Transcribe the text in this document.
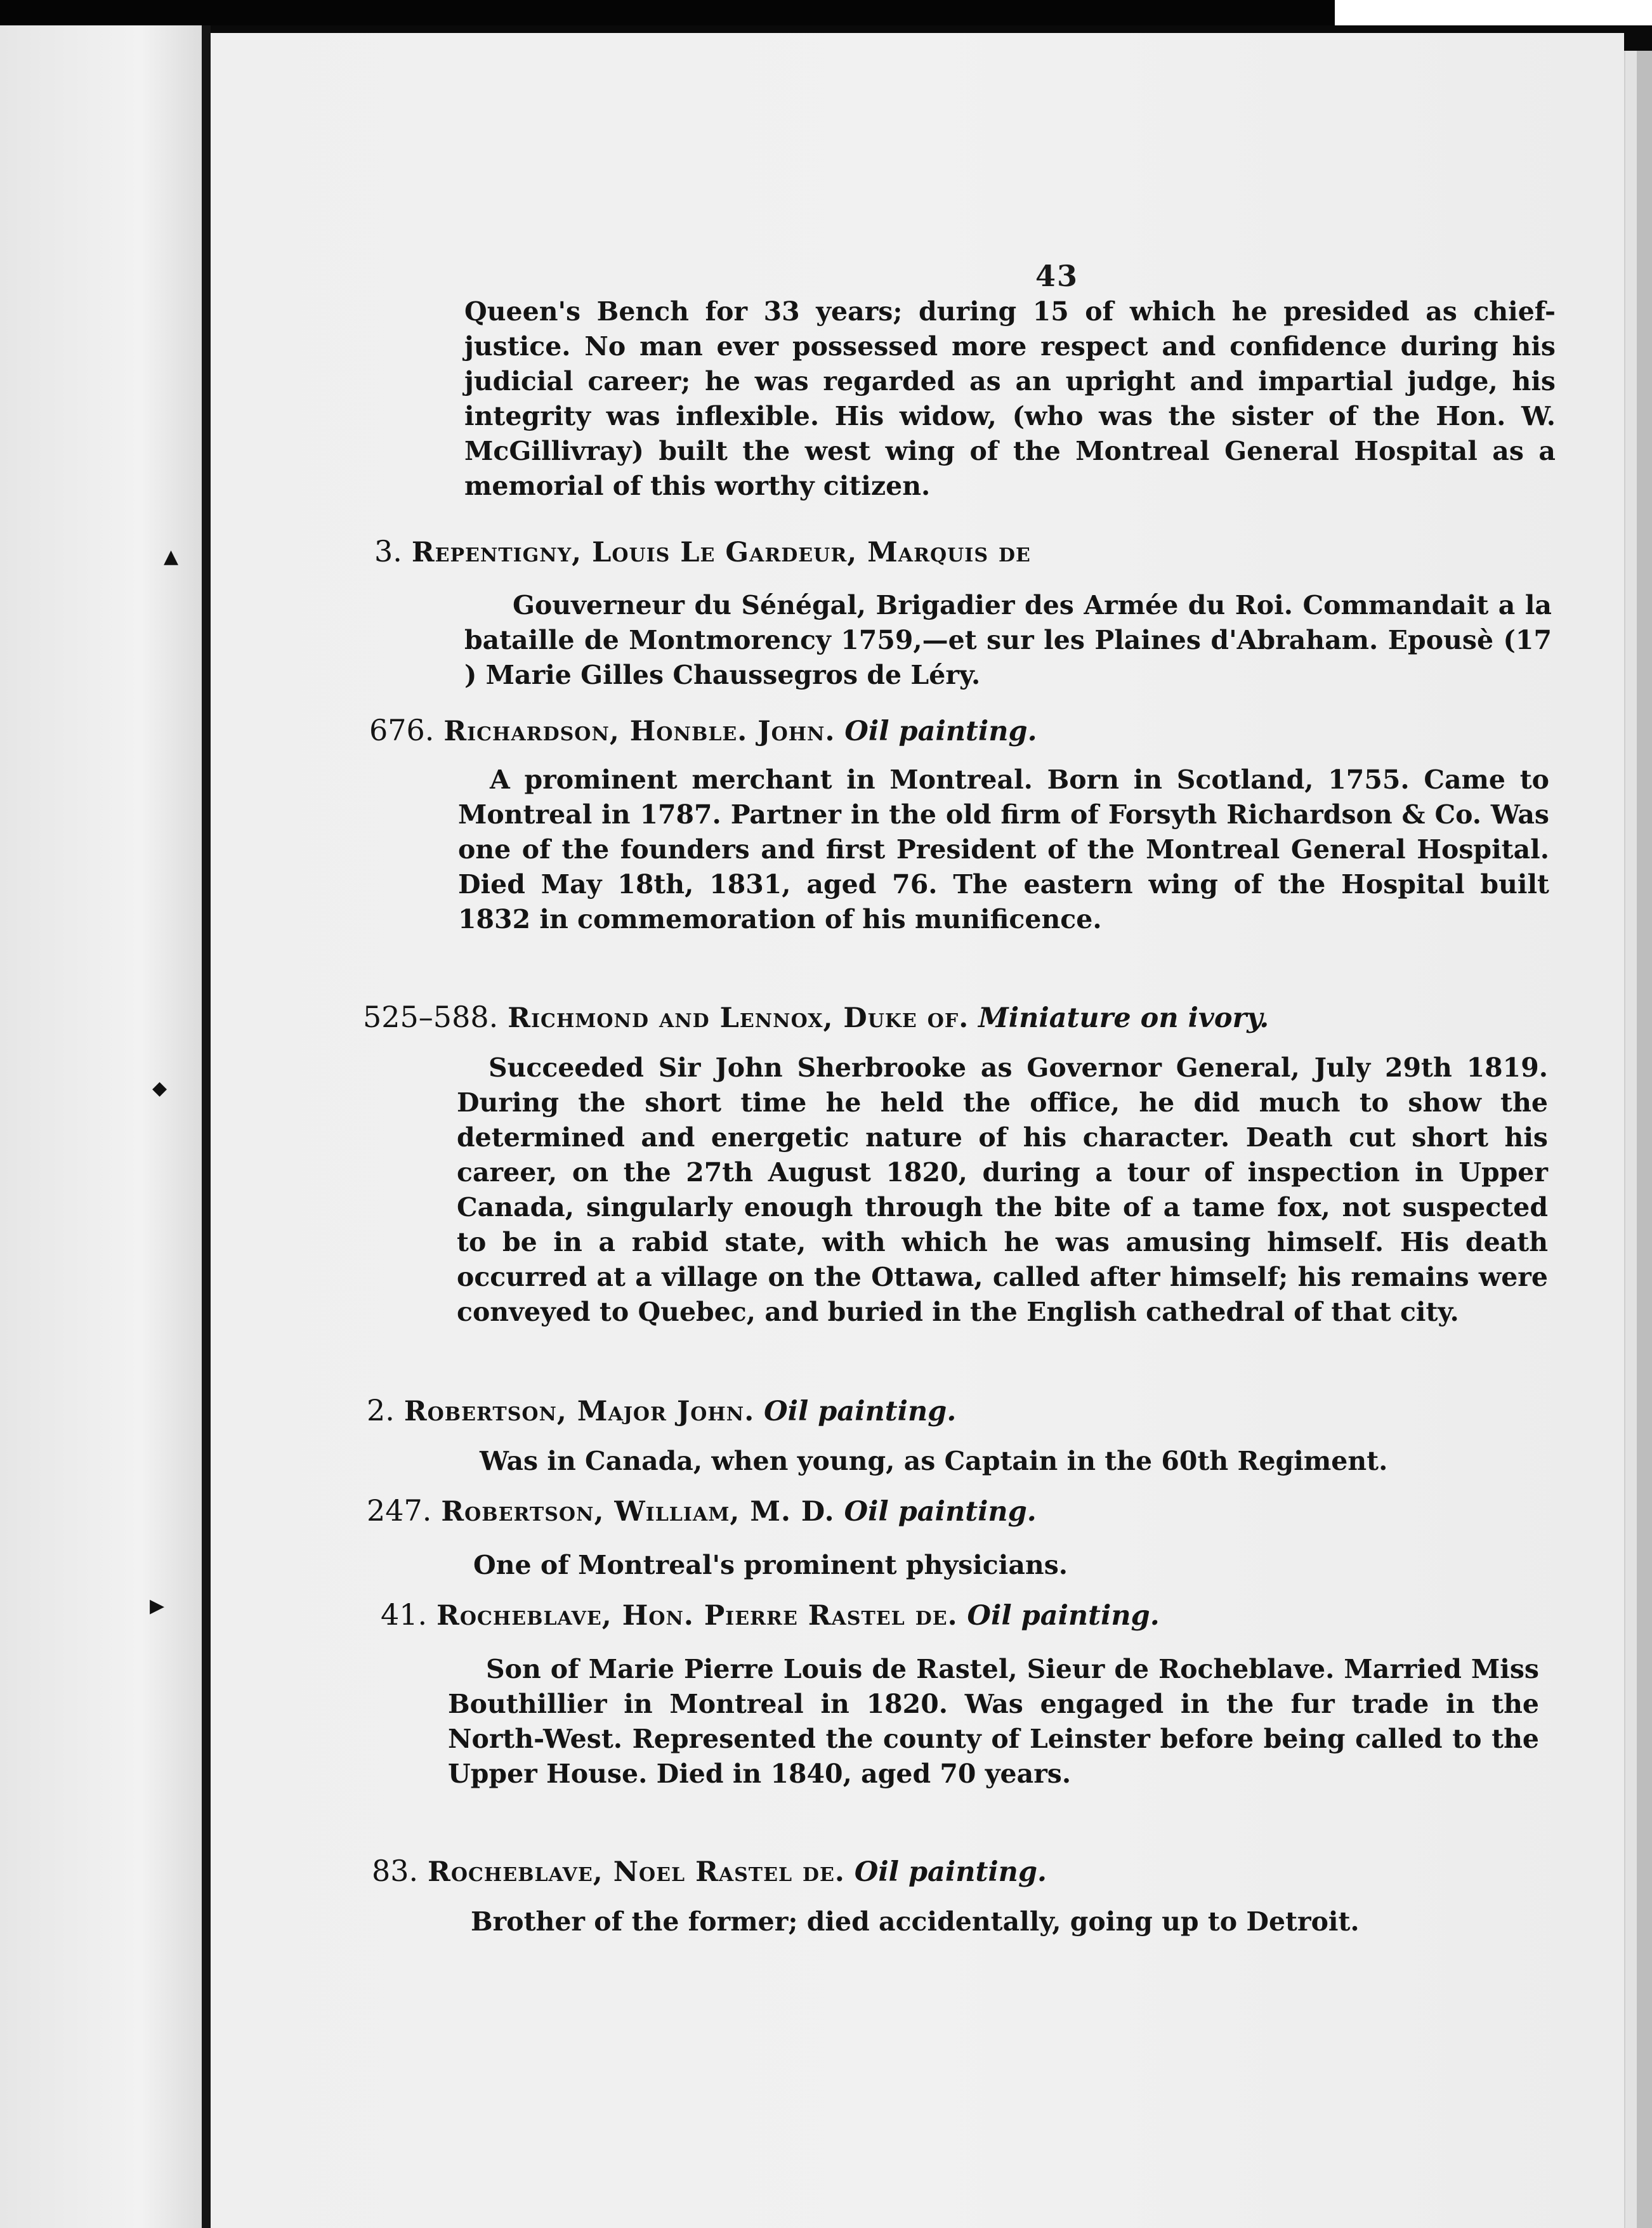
▲
◆
▶
43

Queen's Bench for 33 years; during 15 of which he presided as chief-justice. No man ever possessed more respect and confidence during his judicial career; he was regarded as an upright and impartial judge, his integrity was inflexible. His widow, (who was the sister of the Hon. W. McGillivray) built the west wing of the Montreal General Hospital as a memorial of this worthy citizen.

3. Repentigny, Louis Le Gardeur, Marquis de

Gouverneur du Sénégal, Brigadier des Armée du Roi. Commandait a la bataille de Montmorency 1759,—et sur les Plaines d'Abraham. Epousè (17 ) Marie Gilles Chaussegros de Léry.

676. Richardson, Honble. John. Oil painting.

A prominent merchant in Montreal. Born in Scotland, 1755. Came to Montreal in 1787. Partner in the old firm of Forsyth Richardson & Co. Was one of the founders and first President of the Montreal General Hospital. Died May 18th, 1831, aged 76. The eastern wing of the Hospital built 1832 in commemoration of his munificence.

525–588. Richmond and Lennox, Duke of. Miniature on ivory.

Succeeded Sir John Sherbrooke as Governor General, July 29th 1819. During the short time he held the office, he did much to show the determined and energetic nature of his character. Death cut short his career, on the 27th August 1820, during a tour of inspection in Upper Canada, singularly enough through the bite of a tame fox, not suspected to be in a rabid state, with which he was amusing himself. His death occurred at a village on the Ottawa, called after himself; his remains were conveyed to Quebec, and buried in the English cathedral of that city.

2. Robertson, Major John. Oil painting.

Was in Canada, when young, as Captain in the 60th Regiment.

247. Robertson, William, M. D. Oil painting.

One of Montreal's prominent physicians.

41. Rocheblave, Hon. Pierre Rastel de. Oil painting.

Son of Marie Pierre Louis de Rastel, Sieur de Rocheblave. Married Miss Bouthillier in Montreal in 1820. Was engaged in the fur trade in the North-West. Represented the county of Leinster before being called to the Upper House. Died in 1840, aged 70 years.

83. Rocheblave, Noel Rastel de. Oil painting.

Brother of the former; died accidentally, going up to Detroit.
